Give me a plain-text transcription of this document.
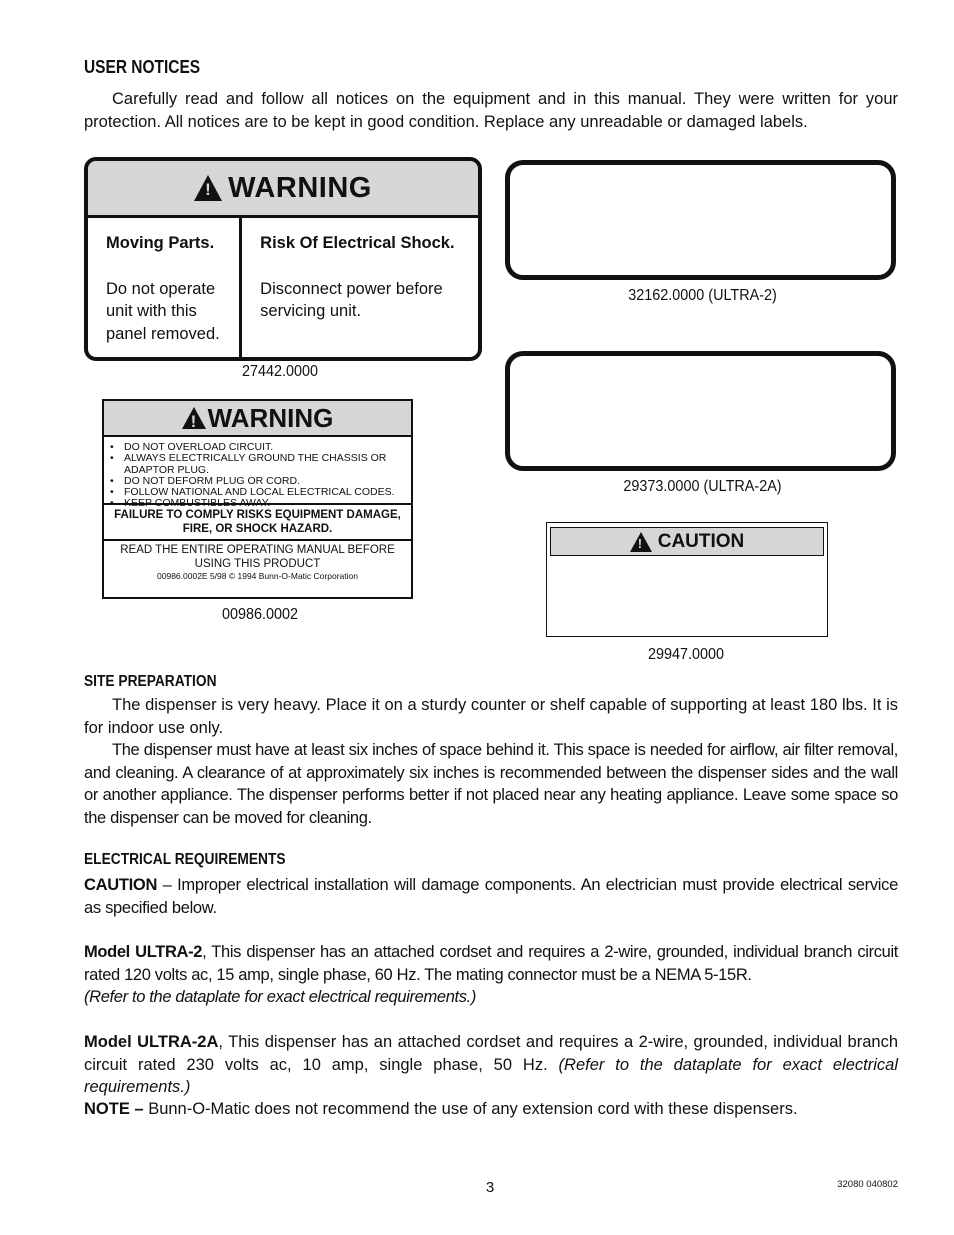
USER NOTICES
Carefully read and follow all notices on the equipment and in this manual. They were written for your protection. All notices are to be kept in good condition. Replace any unreadable or damaged labels.
!
WARNING
Moving Parts.
Do not operate unit with this panel removed.
Risk Of Electrical Shock.
Disconnect power before servicing unit.
27442.0000
32162.0000 (ULTRA-2)
29373.0000 (ULTRA-2A)
!
WARNING
• DO NOT OVERLOAD CIRCUIT.
• ALWAYS ELECTRICALLY GROUND THE CHASSIS OR ADAPTOR PLUG.
• DO NOT DEFORM PLUG OR CORD.
• FOLLOW NATIONAL AND LOCAL ELECTRICAL CODES.
• KEEP COMBUSTIBLES AWAY.
FAILURE TO COMPLY RISKS EQUIPMENT DAMAGE, FIRE, OR SHOCK HAZARD.
READ THE ENTIRE OPERATING MANUAL BEFORE USING THIS PRODUCT
00986.0002E 5/98 © 1994 Bunn-O-Matic Corporation
00986.0002
!
CAUTION
29947.0000
SITE PREPARATION
The dispenser is very heavy. Place it on a sturdy counter or shelf capable of supporting at least 180 lbs. It is for indoor use only.
The dispenser must have at least six inches of space behind it. This space is needed for airflow, air filter removal, and cleaning. A clearance of at approximately six inches is recommended between the dispenser sides and the wall or another appliance. The dispenser performs better if not placed near any heating appliance. Leave some space so the dispenser can be moved for cleaning.
ELECTRICAL REQUIREMENTS
CAUTION – Improper electrical installation will damage components. An electrician must provide electrical service as specified below.
Model ULTRA-2, This dispenser has an attached cordset and requires a 2-wire, grounded, individual branch circuit rated 120 volts ac, 15 amp, single phase, 60 Hz. The mating connector must be a NEMA 5-15R.
(Refer to the dataplate for exact electrical requirements.)
Model ULTRA-2A, This dispenser has an attached cordset and requires a 2-wire, grounded, individual branch circuit rated 230 volts ac, 10 amp, single phase, 50 Hz. (Refer to the dataplate for exact electrical requirements.)
NOTE – Bunn-O-Matic does not recommend the use of any extension cord with these dispensers.
3	32080 040802
